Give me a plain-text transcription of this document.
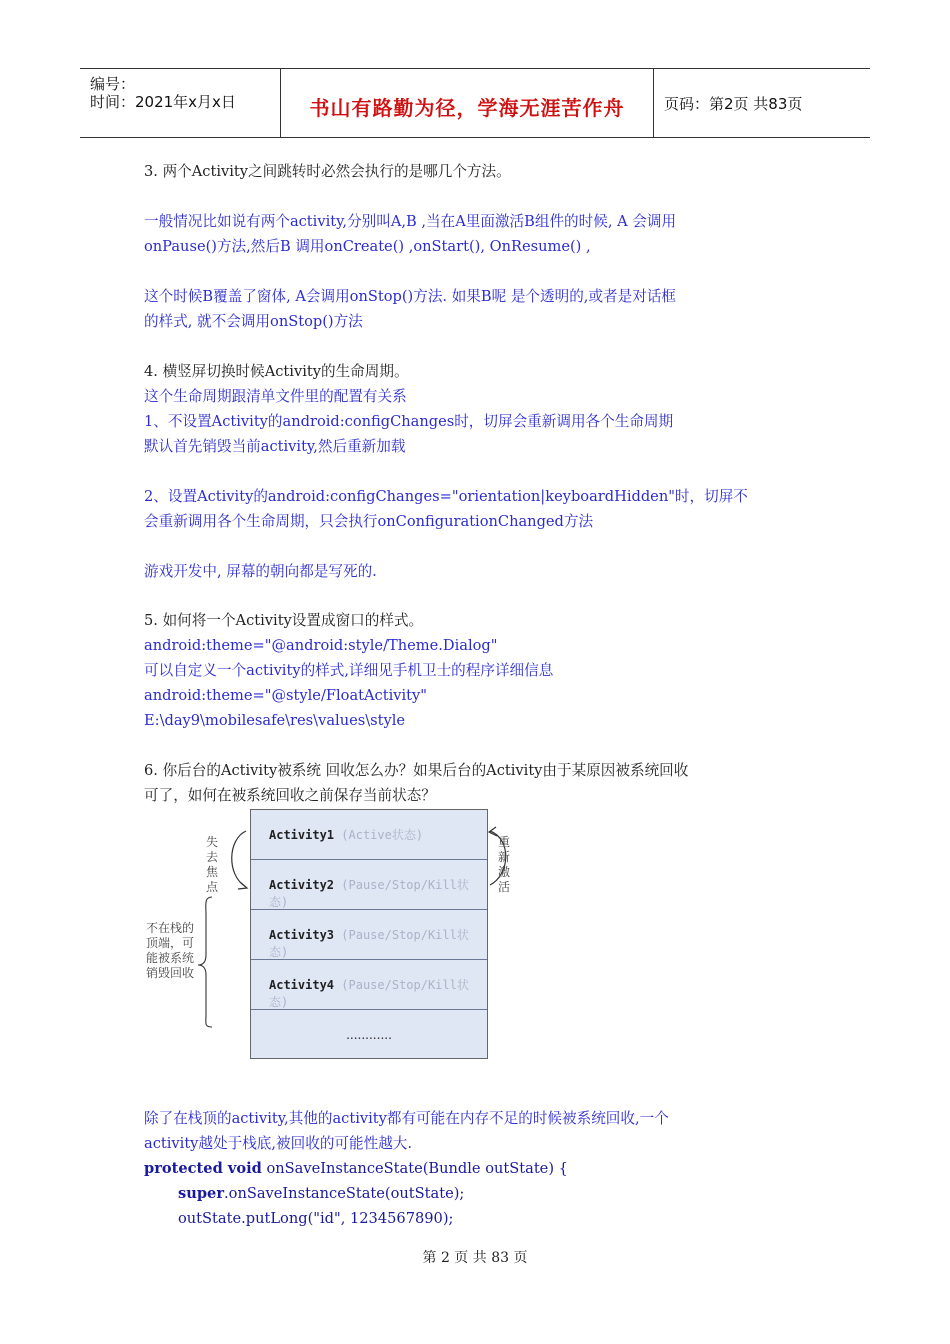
编号：
时间：2021年x月x日	书山有路勤为径，学海无涯苦作舟	页码：第2页 共83页
3. 两个Activity之间跳转时必然会执行的是哪几个方法。
一般情况比如说有两个activity,分别叫A,B ,当在A里面激活B组件的时候, A 会调用
onPause()方法,然后B 调用onCreate() ,onStart(), OnResume() ,
这个时候B覆盖了窗体, A会调用onStop()方法. 如果B呢 是个透明的,或者是对话框
的样式, 就不会调用onStop()方法
4. 横竖屏切换时候Activity的生命周期。
这个生命周期跟清单文件里的配置有关系
1、不设置Activity的android:configChanges时，切屏会重新调用各个生命周期
默认首先销毁当前activity,然后重新加载
2、设置Activity的android:configChanges="orientation|keyboardHidden"时，切屏不
会重新调用各个生命周期，只会执行onConfigurationChanged方法
游戏开发中, 屏幕的朝向都是写死的.
5. 如何将一个Activity设置成窗口的样式。
android:theme="@android:style/Theme.Dialog"
可以自定义一个activity的样式,详细见手机卫士的程序详细信息
android:theme="@style/FloatActivity"
E:\day9\mobilesafe\res\values\style
6. 你后台的Activity被系统 回收怎么办？如果后台的Activity由于某原因被系统回收
可了，如何在被系统回收之前保存当前状态？
失去焦点
重新激活
不在栈的顶端，可能被系统销毁回收
Activity1 (Active状态)
Activity2 (Pause/Stop/Kill状态)
Activity3 (Pause/Stop/Kill状态)
Activity4 (Pause/Stop/Kill状态)
............
除了在栈顶的activity,其他的activity都有可能在内存不足的时候被系统回收,一个
activity越处于栈底,被回收的可能性越大.
protected void onSaveInstanceState(Bundle outState) {
super.onSaveInstanceState(outState);
outState.putLong("id", 1234567890);
第 2 页 共 83 页
